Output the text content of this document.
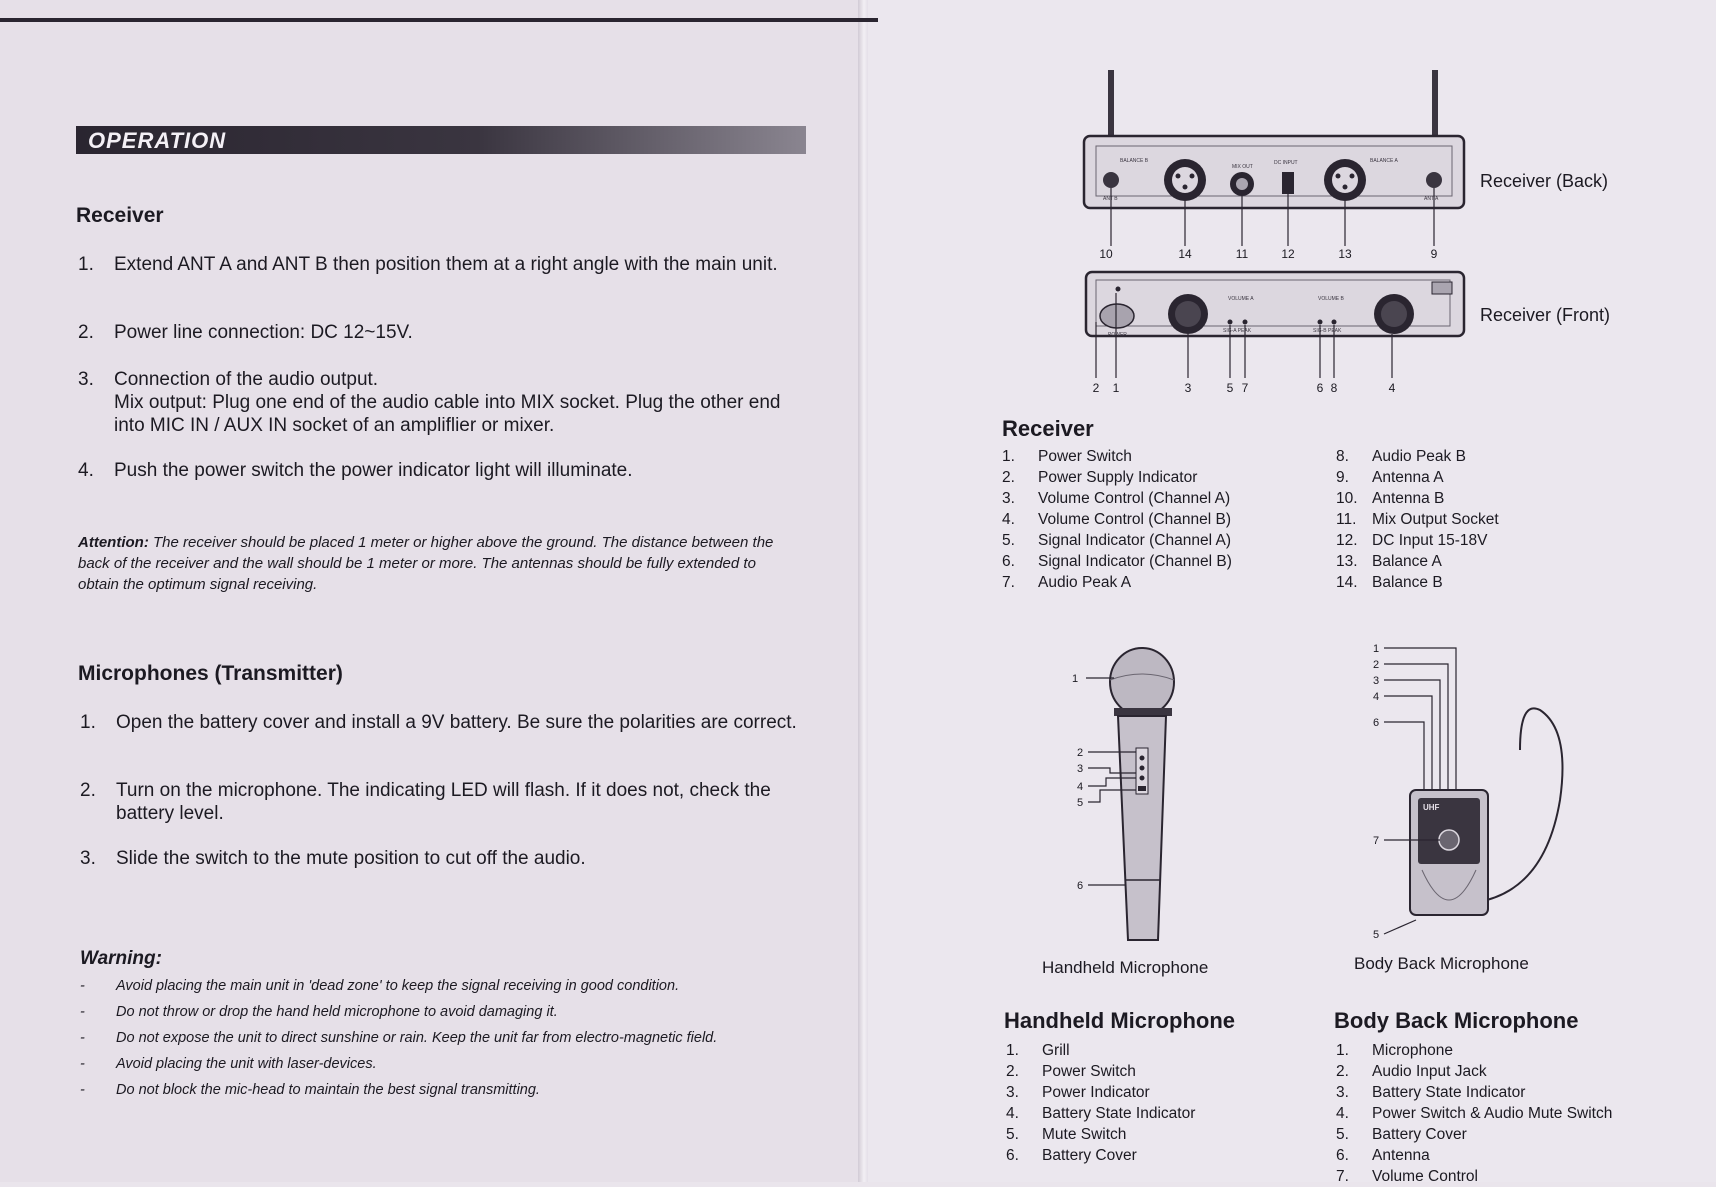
OPERATION
Receiver
1. Extend ANT A and ANT B then position them at a right angle with the main unit.
2. Power line connection: DC 12~15V.
3. Connection of the audio output.
Mix output: Plug one end of the audio cable into MIX socket. Plug the other end into MIC IN / AUX IN socket of an ampliflier or mixer.
4. Push the power switch the power indicator light will illuminate.
Attention: The receiver should be placed 1 meter or higher above the ground. The distance between the back of the receiver and the wall should be 1 meter or more. The antennas should be fully extended to obtain the optimum signal receiving.
Microphones (Transmitter)
1. Open the battery cover and install a 9V battery. Be sure the polarities are correct.
2. Turn on the microphone. The indicating LED will flash. If it does not, check the battery level.
3. Slide the switch to the mute position to cut off the audio.
Warning:
- Avoid placing the main unit in 'dead zone' to keep the signal receiving in good condition.
- Do not throw or drop the hand held microphone to avoid damaging it.
- Do not expose the unit to direct sunshine or rain. Keep the unit far from electro-magnetic field.
- Avoid placing the unit with laser-devices.
- Do not block the mic-head to maintain the best signal transmitting.
BALANCE B
ANT B
MIX OUT
DC INPUT	BALANCE A
ANT A
10	14	11	12	13	9
POWER
VOLUME A	VOLUME B
SIG-A PEAK	SIG-B PEAK
2 1	3	5 7	6 8	4
Receiver (Back)
Receiver (Front)
Receiver
1. Power Switch
2. Power Supply Indicator
3. Volume Control (Channel A)
4. Volume Control (Channel B)
5. Signal Indicator (Channel A)
6. Signal Indicator (Channel B)
7. Audio Peak A
8. Audio Peak B
9. Antenna A
10. Antenna B
11. Mix Output Socket
12. DC Input 15-18V
13. Balance A
14. Balance B
1
2
3
4
5
6
UHF
1
2
3
4
6
7
5
Handheld Microphone	Body Back Microphone
Handheld Microphone
1. Grill
2. Power Switch
3. Power Indicator
4. Battery State Indicator
5. Mute Switch
6. Battery Cover
Body Back Microphone
1. Microphone
2. Audio Input Jack
3. Battery State Indicator
4. Power Switch & Audio Mute Switch
5. Battery Cover
6. Antenna
7. Volume Control
